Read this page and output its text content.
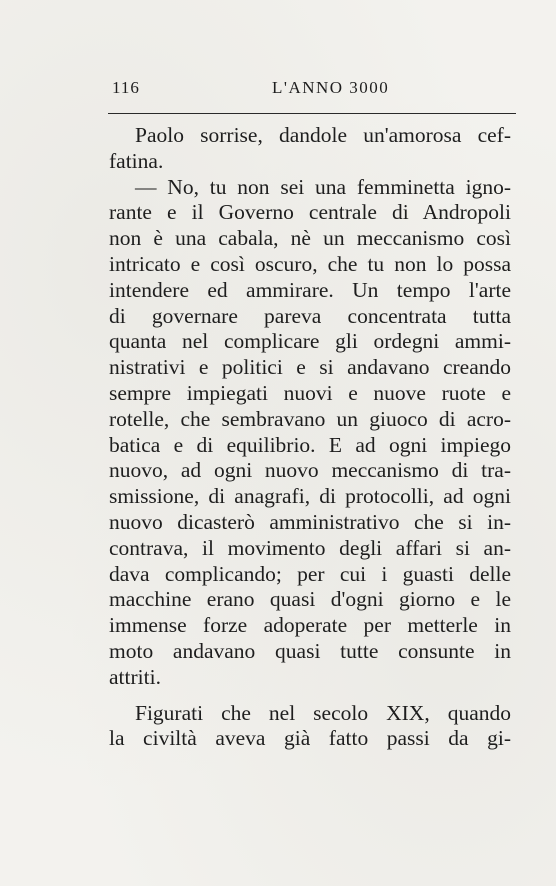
116	L'ANNO 3000
Paolo sorrise, dandole un'amorosa cef-
fatina.
— No, tu non sei una femminetta igno-
rante e il Governo centrale di Andropoli
non è una cabala, nè un meccanismo così
intricato e così oscuro, che tu non lo possa
intendere ed ammirare. Un tempo l'arte
di governare pareva concentrata tutta
quanta nel complicare gli ordegni ammi-
nistrativi e politici e si andavano creando
sempre impiegati nuovi e nuove ruote e
rotelle, che sembravano un giuoco di acro-
batica e di equilibrio. E ad ogni impiego
nuovo, ad ogni nuovo meccanismo di tra-
smissione, di anagrafi, di protocolli, ad ogni
nuovo dicasterò amministrativo che si in-
contrava, il movimento degli affari si an-
dava complicando; per cui i guasti delle
macchine erano quasi d'ogni giorno e le
immense forze adoperate per metterle in
moto andavano quasi tutte consunte in
attriti.
Figurati che nel secolo XIX, quando
la civiltà aveva già fatto passi da gi-
